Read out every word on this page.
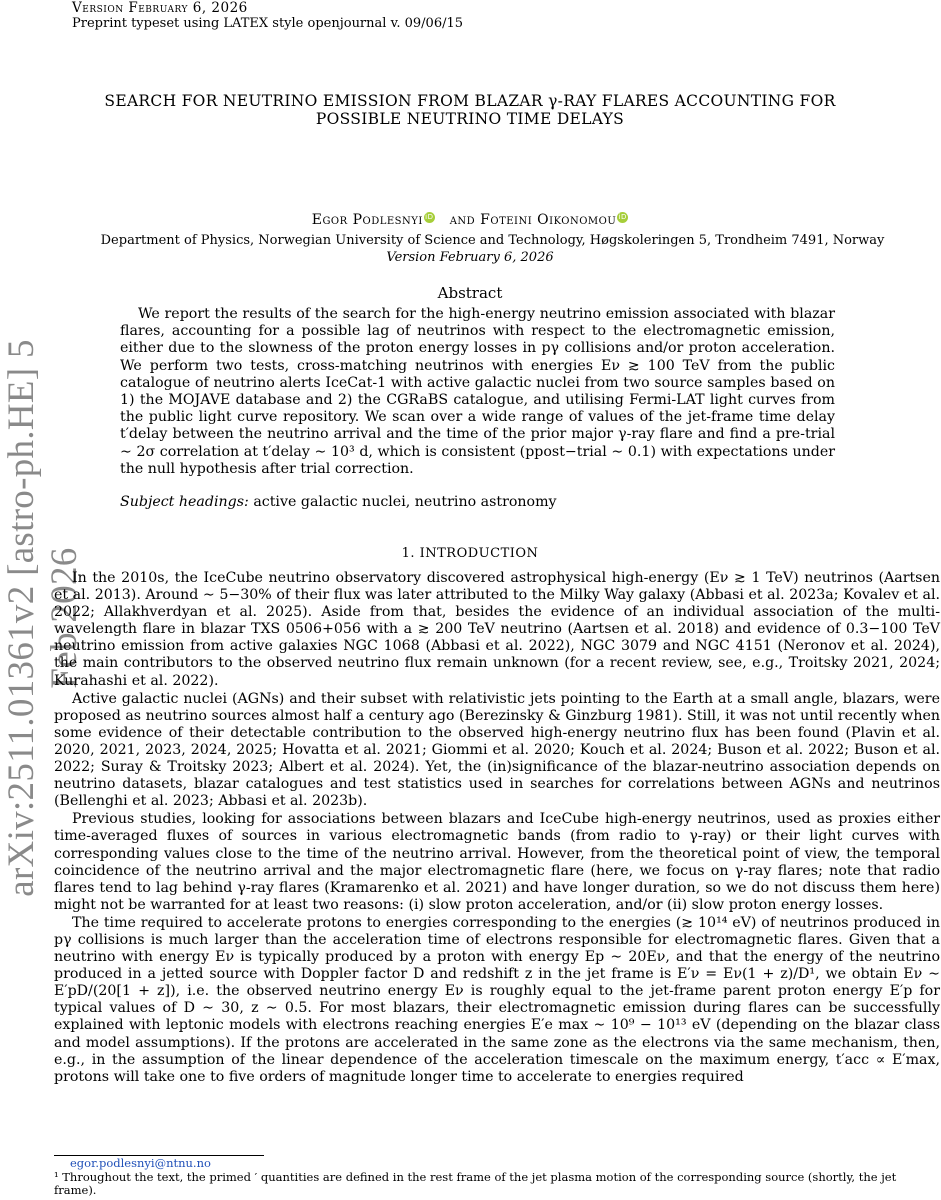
Version February 6, 2026
Preprint typeset using LATEX style openjournal v. 09/06/15
arXiv:2511.01361v2 [astro-ph.HE] 5 Feb 2026
SEARCH FOR NEUTRINO EMISSION FROM BLAZAR γ-RAY FLARES ACCOUNTING FOR POSSIBLE NEUTRINO TIME DELAYS
Egor Podlesnyi iD and Foteini Oikonomou iD
Department of Physics, Norwegian University of Science and Technology, Høgskoleringen 5, Trondheim 7491, Norway
Version February 6, 2026
Abstract
We report the results of the search for the high-energy neutrino emission associated with blazar flares, accounting for a possible lag of neutrinos with respect to the electromagnetic emission, either due to the slowness of the proton energy losses in pγ collisions and/or proton acceleration. We perform two tests, cross-matching neutrinos with energies Eν ≳ 100 TeV from the public catalogue of neutrino alerts IceCat-1 with active galactic nuclei from two source samples based on 1) the MOJAVE database and 2) the CGRaBS catalogue, and utilising Fermi-LAT light curves from the public light curve repository. We scan over a wide range of values of the jet-frame time delay t′delay between the neutrino arrival and the time of the prior major γ-ray flare and find a pre-trial ∼ 2σ correlation at t′delay ∼ 10³ d, which is consistent (ppost−trial ∼ 0.1) with expectations under the null hypothesis after trial correction.
Subject headings: active galactic nuclei, neutrino astronomy
1. INTRODUCTION

In the 2010s, the IceCube neutrino observatory discovered astrophysical high-energy (Eν ≳ 1 TeV) neutrinos (Aartsen et al. 2013). Around ∼ 5−30% of their flux was later attributed to the Milky Way galaxy (Abbasi et al. 2023a; Kovalev et al. 2022; Allakhverdyan et al. 2025). Aside from that, besides the evidence of an individual association of the multi-wavelength flare in blazar TXS 0506+056 with a ≳ 200 TeV neutrino (Aartsen et al. 2018) and evidence of 0.3−100 TeV neutrino emission from active galaxies NGC 1068 (Abbasi et al. 2022), NGC 3079 and NGC 4151 (Neronov et al. 2024), the main contributors to the observed neutrino flux remain unknown (for a recent review, see, e.g., Troitsky 2021, 2024; Kurahashi et al. 2022).

Active galactic nuclei (AGNs) and their subset with relativistic jets pointing to the Earth at a small angle, blazars, were proposed as neutrino sources almost half a century ago (Berezinsky & Ginzburg 1981). Still, it was not until recently when some evidence of their detectable contribution to the observed high-energy neutrino flux has been found (Plavin et al. 2020, 2021, 2023, 2024, 2025; Hovatta et al. 2021; Giommi et al. 2020; Kouch et al. 2024; Buson et al. 2022; Buson et al. 2022; Suray & Troitsky 2023; Albert et al. 2024). Yet, the (in)significance of the blazar-neutrino association depends on neutrino datasets, blazar catalogues and test statistics used in searches for correlations between AGNs and neutrinos (Bellenghi et al. 2023; Abbasi et al. 2023b).

Previous studies, looking for associations between blazars and IceCube high-energy neutrinos, used as proxies either time-averaged fluxes of sources in various electromagnetic bands (from radio to γ-ray) or their light curves with corresponding values close to the time of the neutrino arrival. However, from the theoretical point of view, the temporal coincidence of the neutrino arrival and the major electromagnetic flare (here, we focus on γ-ray flares; note that radio flares tend to lag behind γ-ray flares (Kramarenko et al. 2021) and have longer duration, so we do not discuss them here) might not be warranted for at least two reasons: (i) slow proton acceleration, and/or (ii) slow proton energy losses.

The time required to accelerate protons to energies corresponding to the energies (≳ 10¹⁴ eV) of neutrinos produced in pγ collisions is much larger than the acceleration time of electrons responsible for electromagnetic flares. Given that a neutrino with energy Eν is typically produced by a proton with energy Ep ∼ 20Eν, and that the energy of the neutrino produced in a jetted source with Doppler factor D and redshift z in the jet frame is E′ν = Eν(1 + z)/D¹, we obtain Eν ∼ E′pD/(20[1 + z]), i.e. the observed neutrino energy Eν is roughly equal to the jet-frame parent proton energy E′p for typical values of D ∼ 30, z ∼ 0.5. For most blazars, their electromagnetic emission during flares can be successfully explained with leptonic models with electrons reaching energies E′e max ∼ 10⁹ − 10¹³ eV (depending on the blazar class and model assumptions). If the protons are accelerated in the same zone as the electrons via the same mechanism, then, e.g., in the assumption of the linear dependence of the acceleration timescale on the maximum energy, t′acc ∝ E′max, protons will take one to five orders of magnitude longer time to accelerate to energies required

egor.podlesnyi@ntnu.no
¹ Throughout the text, the primed ′ quantities are defined in the rest frame of the jet plasma motion of the corresponding source (shortly, the jet frame).
